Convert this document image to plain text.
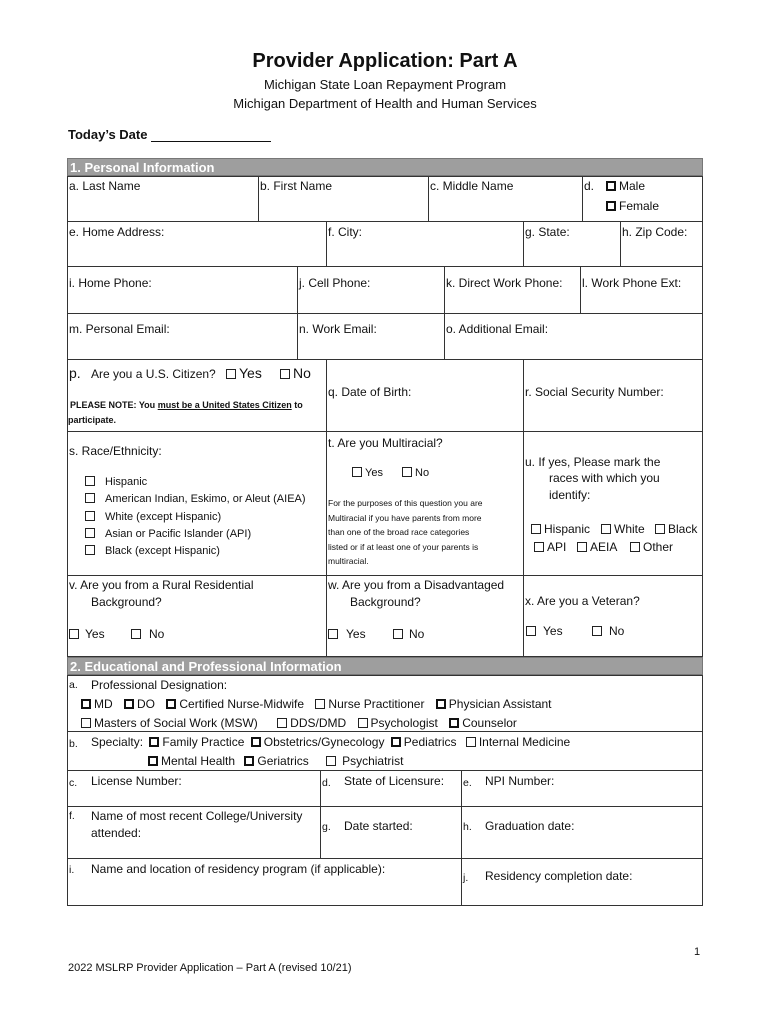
Provider Application: Part A
Michigan State Loan Repayment Program
Michigan Department of Health and Human Services
Today’s Date
1. Personal Information
a. Last Name	b. First Name	c. Middle Name	d.	Male
Female
e. Home Address:	f. City:	g. State:	h. Zip Code:
i. Home Phone:	j. Cell Phone:	k. Direct Work Phone: l. Work Phone Ext:
m. Personal Email:	n. Work Email:	o. Additional Email:
p. Are you a U.S. Citizen?	Yes	No
PLEASE NOTE: You must be a United States Citizen to
participate.
q. Date of Birth:	r. Social Security Number:
s. Race/Ethnicity:
Hispanic
American Indian, Eskimo, or Aleut (AIEA)
White (except Hispanic)
Asian or Pacific Islander (API)
Black (except Hispanic)
t. Are you Multiracial?
Yes	No
For the purposes of this question you are
Multiracial if you have parents from more
than one of the broad race categories
listed or if at least one of your parents is
multiracial.
u. If yes, Please mark the
races with which you
identify:
Hispanic	White	Black
API	AEIA	Other
v. Are you from a Rural Residential
Background?
Yes	No
w. Are you from a Disadvantaged
Background?
Yes	No
x. Are you a Veteran?
Yes	No
2. Educational and Professional Information
a. Professional Designation:
MD DO Certified Nurse-Midwife Nurse Practitioner Physician Assistant
Masters of Social Work (MSW)	DDS/DMD Psychologist Counselor
b. Specialty: Family Practice Obstetrics/Gynecology Pediatrics Internal Medicine
Mental Health Geriatrics	Psychiatrist
c. License Number:	d. State of Licensure: e. NPI Number:
f. Name of most recent College/University
attended:	g. Date started:	h. Graduation date:
i. Name and location of residency program (if applicable):
j. Residency completion date:
1
2022 MSLRP Provider Application – Part A (revised 10/21)
